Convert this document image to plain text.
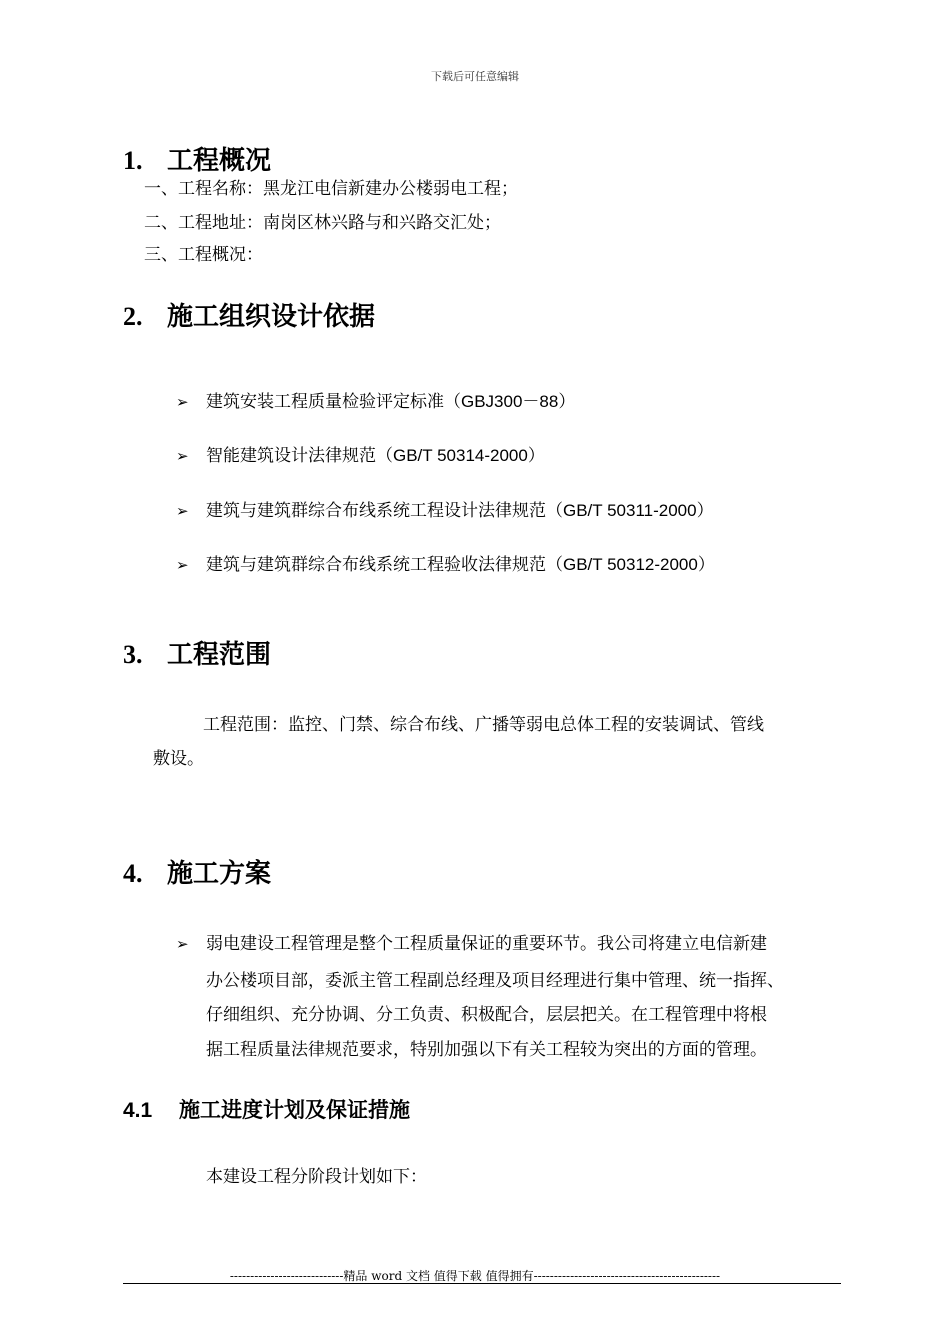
下载后可任意编辑
1. 工程概况
一、工程名称：黑龙江电信新建办公楼弱电工程；
二、工程地址：南岗区林兴路与和兴路交汇处；
三、工程概况：
2. 施工组织设计依据
➢ 建筑安装工程质量检验评定标准（GBJ300－88）
➢ 智能建筑设计法律规范（GB/T 50314-2000）
➢ 建筑与建筑群综合布线系统工程设计法律规范（GB/T 50311-2000）
➢ 建筑与建筑群综合布线系统工程验收法律规范（GB/T 50312-2000）
3. 工程范围
工程范围：监控、门禁、综合布线、广播等弱电总体工程的安装调试、管线
敷设。
4. 施工方案
➢ 弱电建设工程管理是整个工程质量保证的重要环节。我公司将建立电信新建
办公楼项目部，委派主管工程副总经理及项目经理进行集中管理、统一指挥、
仔细组织、充分协调、分工负责、积极配合，层层把关。在工程管理中将根
据工程质量法律规范要求，特别加强以下有关工程较为突出的方面的管理。
4.1 施工进度计划及保证措施
本建设工程分阶段计划如下：
----------------------------精品 word 文档 值得下载 值得拥有----------------------------------------------
